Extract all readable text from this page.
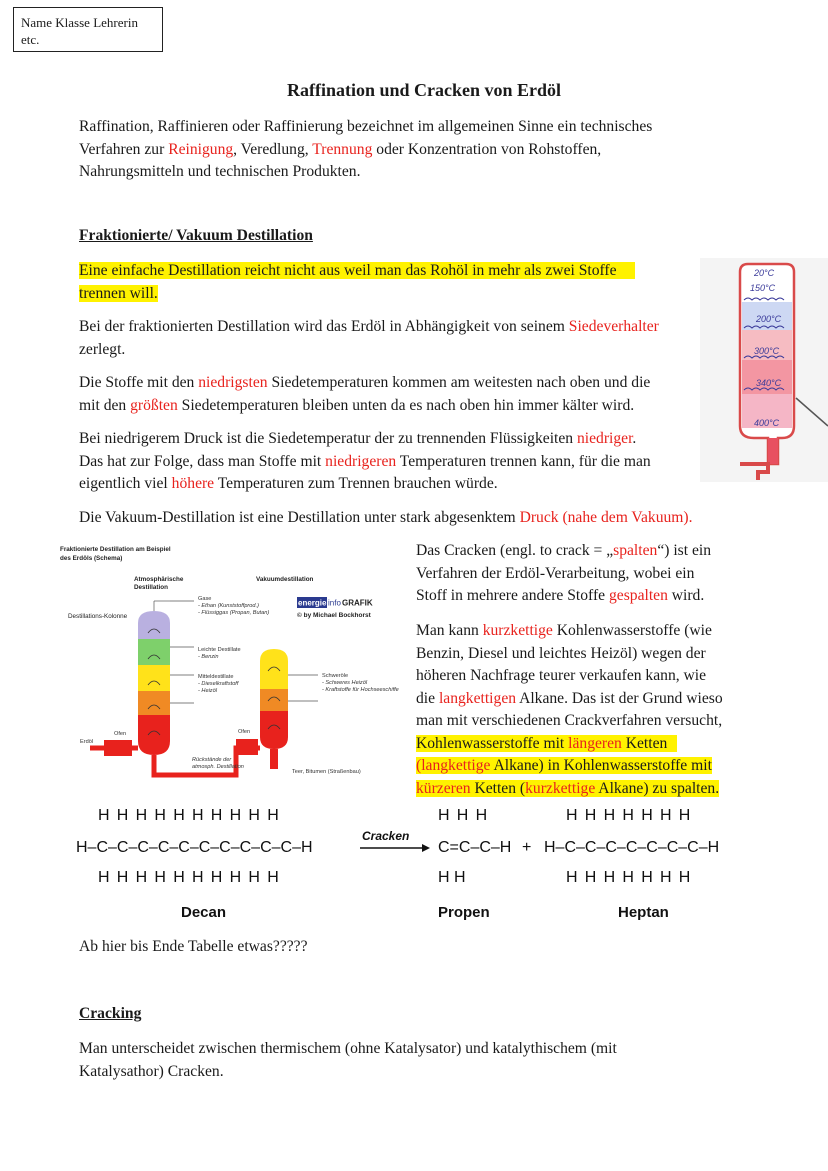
Name Klasse Lehrerin
etc.
Raffination und Cracken von Erdöl

Raffination, Raffinieren oder Raffinierung bezeichnet im allgemeinen Sinne ein technisches
Verfahren zur Reinigung, Veredlung, Trennung oder Konzentration von Rohstoffen,
Nahrungsmitteln und technischen Produkten.

Fraktionierte/ Vakuum Destillation

Eine einfache Destillation reicht nicht aus weil man das Rohöl in mehr als zwei Stoffe
trennen will.

Bei der fraktionierten Destillation wird das Erdöl in Abhängigkeit von seinem Siedeverhalter
zerlegt.

Die Stoffe mit den niedrigsten Siedetemperaturen kommen am weitesten nach oben und die
mit den größten Siedetemperaturen bleiben unten da es nach oben hin immer kälter wird.

Bei niedrigerem Druck ist die Siedetemperatur der zu trennenden Flüssigkeiten niedriger.
Das hat zur Folge, dass man Stoffe mit niedrigeren Temperaturen trennen kann, für die man
eigentlich viel höhere Temperaturen zum Trennen brauchen würde.

Die Vakuum-Destillation ist eine Destillation unter stark abgesenktem Druck (nahe dem Vakuum).

20°C
150°C
200°C
300°C
340°C
400°C
Fraktionierte Destillation am Beispiel
des Erdöls (Schema)
Atmosphärische
Destillation
Vakuumdestillation
Destillations-Kolonne
energie info GRAFIK
© by Michael Bockhorst
Gase
- Ethan (Kunststoffprod.)
- Flüssiggas (Propan, Butan)
Leichte Destillate
- Benzin
Mitteldestillate
- Dieselkraftstoff
- Heizöl
Schweröle
- Schweres Heizöl
- Kraftstoffe für Hochseeschiffe
Ofen	Ofen
Erdöl
Rückstände der
atmosph. Destillation
Teer, Bitumen (Straßenbau)

Das Cracken (engl. to crack = „spalten“) ist ein
Verfahren der Erdöl-Verarbeitung, wobei ein
Stoff in mehrere andere Stoffe gespalten wird.

Man kann kurzkettige Kohlenwasserstoffe (wie
Benzin, Diesel und leichtes Heizöl) wegen der
höheren Nachfrage teurer verkaufen kann, wie
die langkettigen Alkane. Das ist der Grund wieso
man mit verschiedenen Crackverfahren versucht,
Kohlenwasserstoffe mit längeren Ketten
(langkettige Alkane) in Kohlenwasserstoffe mit
kürzeren Ketten (kurzkettige Alkane) zu spalten.

H H H H H H H H H H
H–C–C–C–C–C–C–C–C–C–C–H
H H H H H H H H H H
H H H
C=C–C–H
H H
+
H H H H H H H
H–C–C–C–C–C–C–C–H
H H H H H H H
Cracken
Decan	Propen	Heptan

Ab hier bis Ende Tabelle etwas?????

Cracking

Man unterscheidet zwischen thermischem (ohne Katalysator) und katalythischem (mit
Katalysathor) Cracken.
